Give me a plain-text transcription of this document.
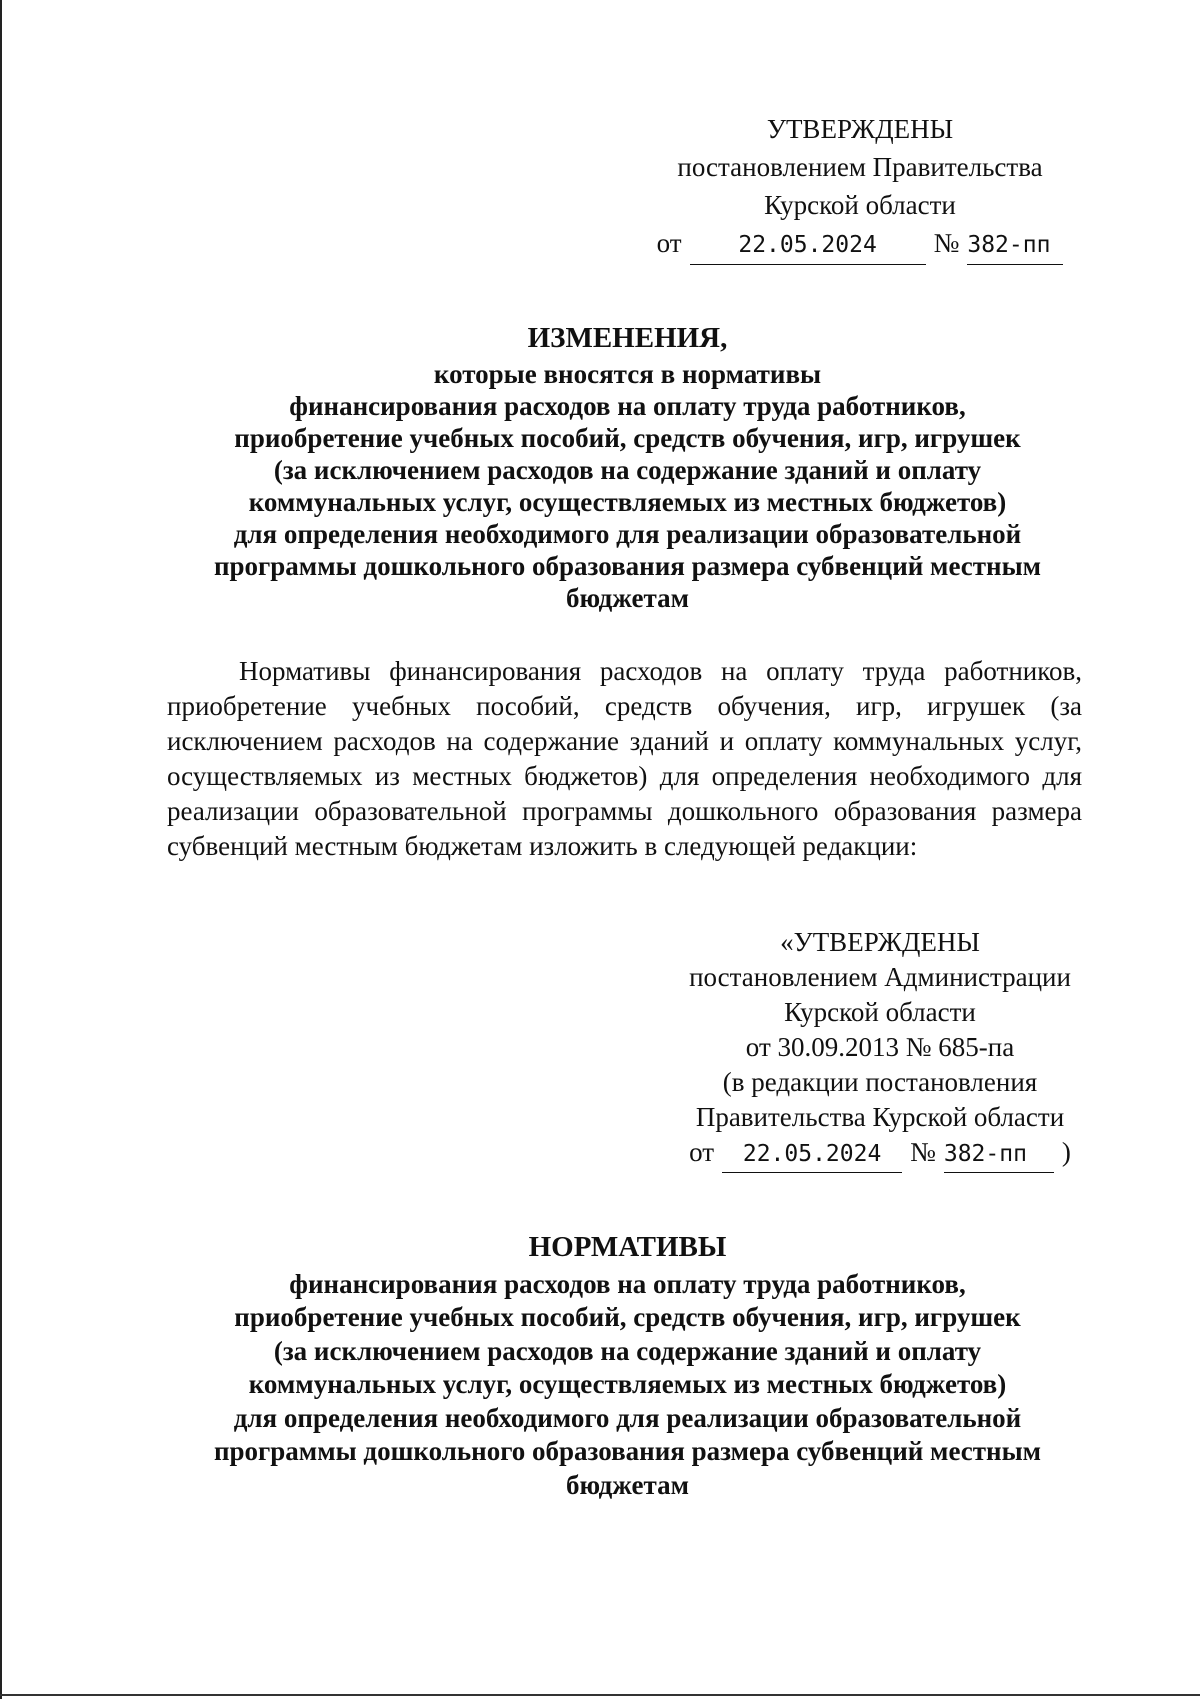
УТВЕРЖДЕНЫ
постановлением Правительства
Курской области
от	22.05.2024	№ 382-пп
ИЗМЕНЕНИЯ,
которые вносятся в нормативы
финансирования расходов на оплату труда работников,
приобретение учебных пособий, средств обучения, игр, игрушек
(за исключением расходов на содержание зданий и оплату
коммунальных услуг, осуществляемых из местных бюджетов)
для определения необходимого для реализации образовательной
программы дошкольного образования размера субвенций местным
бюджетам
Нормативы финансирования расходов на оплату труда работников, приобретение учебных пособий, средств обучения, игр, игрушек (за исключением расходов на содержание зданий и оплату коммунальных услуг, осуществляемых из местных бюджетов) для определения необходимого для реализации образовательной программы дошкольного образования размера субвенций местным бюджетам изложить в следующей редакции:
«УТВЕРЖДЕНЫ
постановлением Администрации
Курской области
от 30.09.2013 № 685-па
(в редакции постановления
Правительства Курской области
от	22.05.2024	№ 382-пп	)
НОРМАТИВЫ
финансирования расходов на оплату труда работников,
приобретение учебных пособий, средств обучения, игр, игрушек
(за исключением расходов на содержание зданий и оплату
коммунальных услуг, осуществляемых из местных бюджетов)
для определения необходимого для реализации образовательной
программы дошкольного образования размера субвенций местным
бюджетам
